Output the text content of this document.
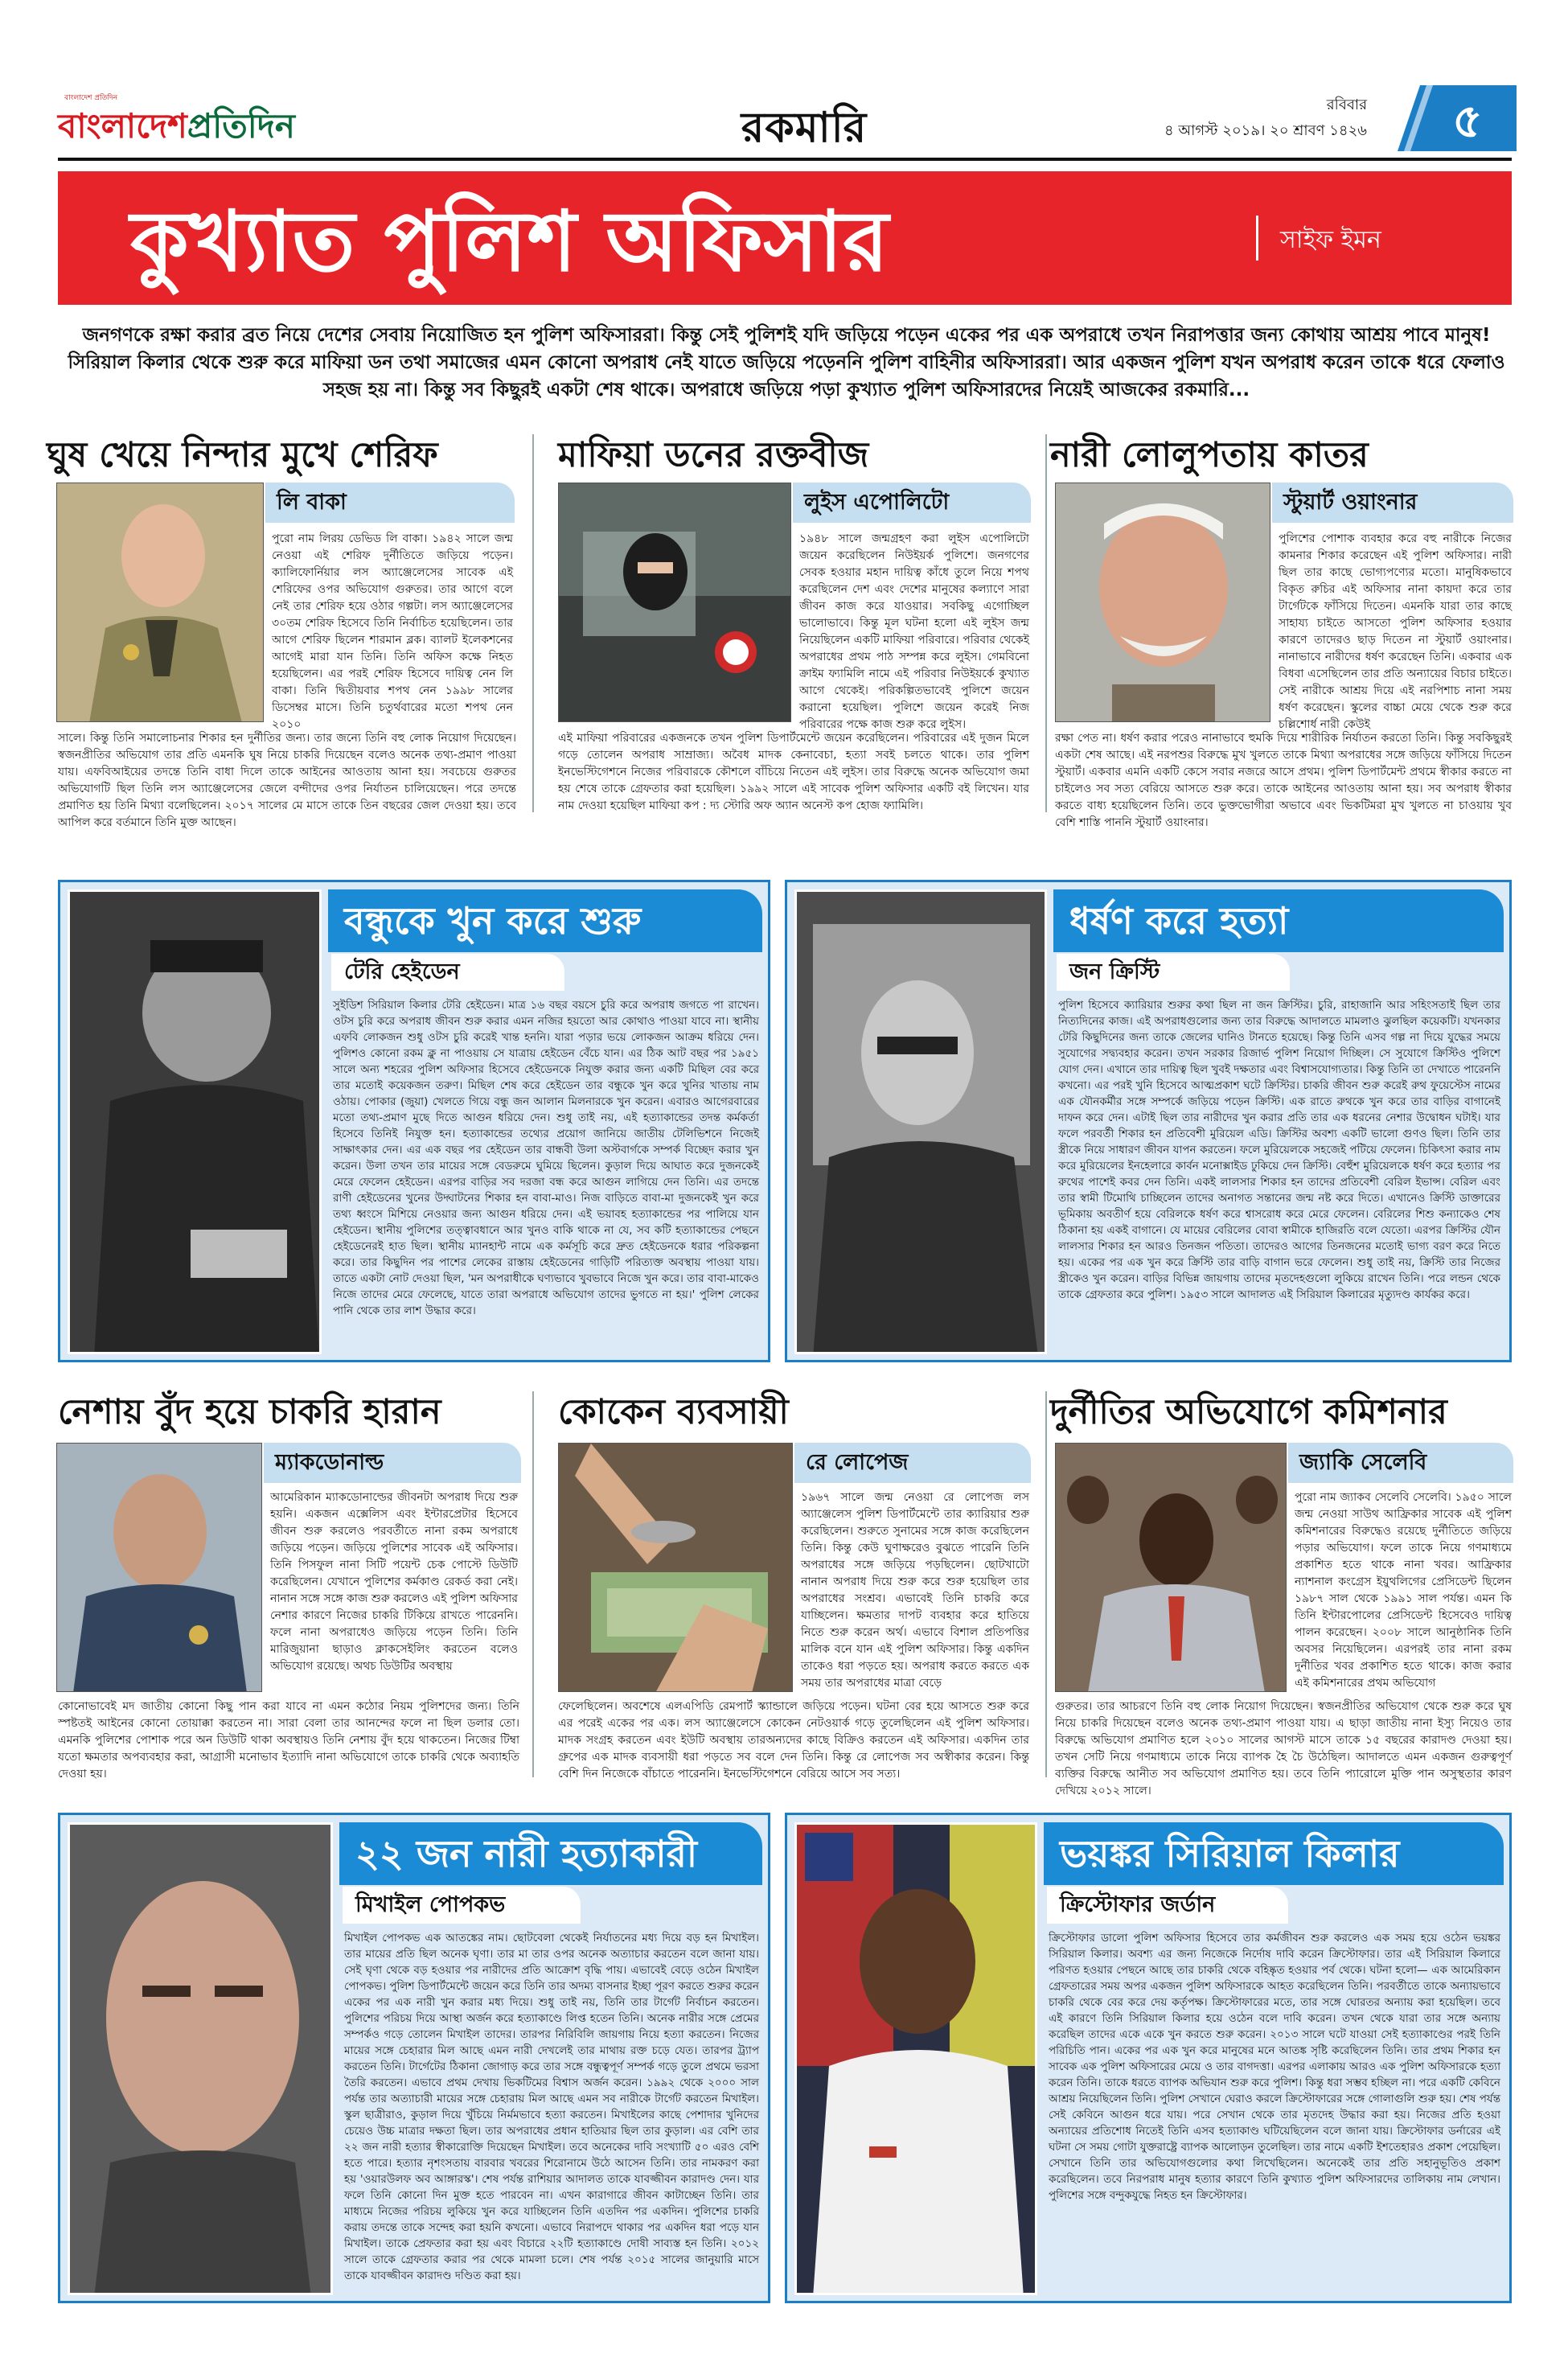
বাংলাদেশ প্রতিদিন
বাংলাদেশপ্রতিদিন	রকমারি	রবিবার
৪ আগস্ট ২০১৯। ২০ শ্রাবণ ১৪২৬	৫
কুখ্যাত পুলিশ অফিসার	সাইফ ইমন
জনগণকে রক্ষা করার ব্রত নিয়ে দেশের সেবায় নিয়োজিত হন পুলিশ অফিসাররা। কিন্তু সেই পুলিশই যদি জড়িয়ে পড়েন একের পর এক অপরাধে তখন নিরাপত্তার জন্য কোথায় আশ্রয় পাবে মানুষ! সিরিয়াল কিলার থেকে শুরু করে মাফিয়া ডন তথা সমাজের এমন কোনো অপরাধ নেই যাতে জড়িয়ে পড়েননি পুলিশ বাহিনীর অফিসাররা। আর একজন পুলিশ যখন অপরাধ করেন তাকে ধরে ফেলাও সহজ হয় না। কিন্তু সব কিছুরই একটা শেষ থাকে। অপরাধে জড়িয়ে পড়া কুখ্যাত পুলিশ অফিসারদের নিয়েই আজকের রকমারি...
ঘুষ খেয়ে নিন্দার মুখে শেরিফ
লি বাকা
পুরো নাম লিরয় ডেভিড লি বাকা। ১৯৪২ সালে জন্ম নেওয়া এই শেরিফ দুর্নীতিতে জড়িয়ে পড়েন। ক্যালিফোর্নিয়ার লস অ্যাঞ্জেলেসের সাবেক এই শেরিফের ওপর অভিযোগ গুরুতর। তার আগে বলে নেই তার শেরিফ হয়ে ওঠার গল্পটা। লস অ্যাঞ্জেলেসের ৩০তম শেরিফ হিসেবে তিনি নির্বাচিত হয়েছিলেন। তার আগে শেরিফ ছিলেন শারমান ব্লক। ব্যালট ইলেকশনের আগেই মারা যান তিনি। তিনি অফিস কক্ষে নিহত হয়েছিলেন। এর পরই শেরিফ হিসেবে দায়িত্ব নেন লি বাকা। তিনি দ্বিতীয়বার শপথ নেন ১৯৯৮ সালের ডিসেম্বর মাসে। তিনি চতুর্থবারের মতো শপথ নেন ২০১০
সালে। কিন্তু তিনি সমালোচনার শিকার হন দুর্নীতির জন্য। তার জন্যে তিনি বহু লোক নিয়োগ দিয়েছেন। স্বজনপ্রীতির অভিযোগ তার প্রতি এমনকি ঘুষ নিয়ে চাকরি দিয়েছেন বলেও অনেক তথ্য-প্রমাণ পাওয়া যায়। এফবিআইয়ের তদন্তে তিনি বাধা দিলে তাকে আইনের আওতায় আনা হয়। সবচেয়ে গুরুতর অভিযোগটি ছিল তিনি লস অ্যাঞ্জেলেসের জেলে বন্দীদের ওপর নির্যাতন চালিয়েছেন। পরে তদন্তে প্রমাণিত হয় তিনি মিথ্যা বলেছিলেন। ২০১৭ সালের মে মাসে তাকে তিন বছরের জেল দেওয়া হয়। তবে আপিল করে বর্তমানে তিনি মুক্ত আছেন।
মাফিয়া ডনের রক্তবীজ
লুইস এপোলিটো
১৯৪৮ সালে জন্মগ্রহণ করা লুইস এপোলিটো জয়েন করেছিলেন নিউইয়র্ক পুলিশে। জনগণের সেবক হওয়ার মহান দায়িত্ব কাঁধে তুলে নিয়ে শপথ করেছিলেন দেশ এবং দেশের মানুষের কল্যাণে সারা জীবন কাজ করে যাওয়ার। সবকিছু এগোচ্ছিল ভালোভাবে। কিন্তু মূল ঘটনা হলো এই লুইস জন্ম নিয়েছিলেন একটি মাফিয়া পরিবারে। পরিবার থেকেই অপরাধের প্রথম পাঠ সম্পন্ন করে লুইস। গেমবিনো ক্রাইম ফ্যামিলি নামে এই পরিবার নিউইয়র্কে কুখ্যাত আগে থেকেই। পরিকল্পিতভাবেই পুলিশে জয়েন করানো হয়েছিল। পুলিশে জয়েন করেই নিজ পরিবারের পক্ষে কাজ শুরু করে লুইস।
এই মাফিয়া পরিবারের একজনকে তখন পুলিশ ডিপার্টমেন্টে জয়েন করেছিলেন। পরিবারের এই দুজন মিলে গড়ে তোলেন অপরাধ সাম্রাজ্য। অবৈধ মাদক কেনাবেচা, হত্যা সবই চলতে থাকে। তার পুলিশ ইনভেস্টিগেশনে নিজের পরিবারকে কৌশলে বাঁচিয়ে নিতেন এই লুইস। তার বিরুদ্ধে অনেক অভিযোগ জমা হয় শেষে তাকে গ্রেফতার করা হয়েছিল। ১৯৯২ সালে এই সাবেক পুলিশ অফিসার একটি বই লিখেন। যার নাম দেওয়া হয়েছিল মাফিয়া কপ : দ্য স্টোরি অফ অ্যান অনেস্ট কপ হোজ ফ্যামিলি।
নারী লোলুপতায় কাতর
স্টুয়ার্ট ওয়াংনার
পুলিশের পোশাক ব্যবহার করে বহু নারীকে নিজের কামনার শিকার করেছেন এই পুলিশ অফিসার। নারী ছিল তার কাছে ভোগ্যপণ্যের মতো। মানুষিকভাবে বিকৃত রুচির এই অফিসার নানা কায়দা করে তার টার্গেটকে ফাঁসিয়ে দিতেন। এমনকি যারা তার কাছে সাহায্য চাইতে আসতো পুলিশ অফিসার হওয়ার কারণে তাদেরও ছাড় দিতেন না স্টুয়ার্ট ওয়াংনার। নানাভাবে নারীদের ধর্ষণ করেছেন তিনি। একবার এক বিধবা এসেছিলেন তার প্রতি অন্যায়ের বিচার চাইতে। সেই নারীকে আশ্রয় দিয়ে এই নরপিশাচ নানা সময় ধর্ষণ করেছেন। স্কুলের বাচ্চা মেয়ে থেকে শুরু করে চল্লিশোর্ধ নারী কেউই
রক্ষা পেত না। ধর্ষণ করার পরেও নানাভাবে হুমকি দিয়ে শারীরিক নির্যাতন করতো তিনি। কিন্তু সবকিছুরই একটা শেষ আছে। এই নরপশুর বিরুদ্ধে মুখ খুলতে তাকে মিথ্যা অপরাধের সঙ্গে জড়িয়ে ফাঁসিয়ে দিতেন স্টুয়ার্ট। একবার এমনি একটি কেসে সবার নজরে আসে প্রথম। পুলিশ ডিপার্টমেন্ট প্রথমে স্বীকার করতে না চাইলেও সব সত্য বেরিয়ে আসতে শুরু করে। তাকে আইনের আওতায় আনা হয়। সব অপরাধ স্বীকার করতে বাধ্য হয়েছিলেন তিনি। তবে ভুক্তভোগীরা অভাবে এবং ভিকটিমরা মুখ খুলতে না চাওয়ায় খুব বেশি শাস্তি পাননি স্টুয়ার্ট ওয়াংনার।
বন্ধুকে খুন করে শুরু
টেরি হেইডেন
সুইডিশ সিরিয়াল কিলার টেরি হেইডেন। মাত্র ১৬ বছর বয়সে চুরি করে অপরাধ জগতে পা রাখেন। ওটস চুরি করে অপরাধ জীবন শুরু করার এমন নজির হয়তো আর কোথাও পাওয়া যাবে না। স্থানীয় এফবি লোকজন শুধু ওটস চুরি করেই খান্ত হননি। যারা পড়ার ভয়ে লোকজন আক্রম ধরিয়ে দেন। পুলিশও কোনো রকম ক্লু না পাওয়ায় সে যাত্রায় হেইডেন বেঁচে যান। এর ঠিক আট বছর পর ১৯৫১ সালে অন্য শহরের পুলিশ অফিসার হিসেবে হেইডেনকে নিযুক্ত করার জন্য একটি মিছিল বের করে তার মতোই কয়েকজন তরুণ। মিছিল শেষ করে হেইডেন তার বন্ধুকে খুন করে খুনির খাতায় নাম ওঠায়। পোকার (জুয়া) খেলতে গিয়ে বন্ধু জন আলান মিলনারকে খুন করেন। এবারও আগেরবারের মতো তথ্য-প্রমাণ মুছে দিতে আগুন ধরিয়ে দেন। শুধু তাই নয়, এই হত্যাকান্ডের তদন্ত কর্মকর্তা হিসেবে তিনিই নিযুক্ত হন। হত্যাকান্ডের তথ্যের প্রয়োগ জানিয়ে জাতীয় টেলিভিশনে নিজেই সাক্ষাৎকার দেন। এর এক বছর পর হেইডেন তার বান্ধবী উলা অস্টবার্গকে সম্পর্ক বিচ্ছেদ করার খুন করেন। উলা তখন তার মায়ের সঙ্গে বেডরুমে ঘুমিয়ে ছিলেন। কুড়াল দিয়ে আঘাত করে দুজনকেই মেরে ফেলেন হেইডেন। এরপর বাড়ির সব দরজা বন্ধ করে আগুন লাগিয়ে দেন তিনি। এর তদন্তে রাণী হেইডেনের খুনের উদ্ঘাটনের শিকার হন বাবা-মাও। নিজ বাড়িতে বাবা-মা দুজনকেই খুন করে তথ্য ধ্বংসে মিশিয়ে নেওয়ার জন্য আগুন ধরিয়ে দেন। এই ভয়াবহ হত্যাকান্ডের পর পালিয়ে যান হেইডেন। স্থানীয় পুলিশের তত্ত্বাবধানে আর খুনও বাকি থাকে না যে, সব কটি হত্যাকান্ডের পেছনে হেইডেনেরই হাত ছিল। স্থানীয় ম্যানহান্ট নামে এক কর্মসূচি করে দ্রুত হেইডেনকে ধরার পরিকল্পনা করে। তার কিছুদিন পর পাশের লেকের রাস্তায় হেইডেনের গাড়িটি পরিত্যক্ত অবস্থায় পাওয়া যায়। তাতে একটা নোট দেওয়া ছিল, 'মন অপরাধীকে ঘণ্যভাবে খুবভাবে নিজে খুন করে। তার বাবা-মাকেও নিজে তাদের মেরে ফেলেছে, যাতে তারা অপরাধে অভিযোগ তাদের ভুগতে না হয়।' পুলিশ লেকের পানি থেকে তার লাশ উদ্ধার করে।
ধর্ষণ করে হত্যা
জন ক্রিস্টি
পুলিশ হিসেবে ক্যারিয়ার শুরুর কথা ছিল না জন ক্রিস্টির। চুরি, রাহাজানি আর সহিংসতাই ছিল তার নিত্যদিনের কাজ। এই অপরাধগুলোর জন্য তার বিরুদ্ধে আদালতে মামলাও ঝুলছিল কয়েকটি। যখনকার টেরি কিছুদিনের জন্য তাকে জেলের ঘানিও টানতে হয়েছে। কিন্তু তিনি এসব গল্প না দিয়ে যুদ্ধের সময়ে সুযোগের সদ্ব্যবহার করেন। তখন সরকার রিজার্ভ পুলিশ নিয়োগ দিচ্ছিল। সে সুযোগে ক্রিস্টিও পুলিশে যোগ দেন। এখানে তার দায়িত্ব ছিল খুবই দক্ষতার এবং বিশ্বাসযোগ্যতার। কিন্তু তিনি তা দেখাতে পারেননি কখনো। এর পরই খুনি হিসেবে আত্মপ্রকাশ ঘটে ক্রিস্টির। চাকরি জীবন শুরু করেই রুথ ফুয়েস্টেস নামের এক যৌনকর্মীর সঙ্গে সম্পর্কে জড়িয়ে পড়েন ক্রিস্টি। এক রাতে রুথকে খুন করে তার বাড়ির বাগানেই দাফন করে দেন। এটাই ছিল তার নারীদের খুন করার প্রতি তার এক ধরনের নেশার উদ্বোধন ঘটাই। যার ফলে পরবর্তী শিকার হন প্রতিবেশী মুরিয়েল এডি। ক্রিস্টির অবশ্য একটি ভালো গুণও ছিল। তিনি তার স্ত্রীকে নিয়ে সাধারণ জীবন যাপন করতেন। ফলে মুরিয়েলকে সহজেই পটিয়ে ফেলেন। চিকিৎসা করার নাম করে মুরিয়েলের ইনহেলারে কার্বন মনোক্সাইড ঢুকিয়ে দেন ক্রিস্টি। বেহুঁশ মুরিয়েলকে ধর্ষণ করে হত্যার পর রুথের পাশেই কবর দেন তিনি। একই লালসার শিকার হন তাদের প্রতিবেশী বেরিল ইভান্স। বেরিল এবং তার স্বামী টিমোথি চাচ্ছিলেন তাদের অনাগত সন্তানের জন্ম নষ্ট করে দিতে। এখানেও ক্রিস্টি ডাক্তারের ভূমিকায় অবতীর্ণ হয়ে বেরিলকে ধর্ষণ করে শ্বাসরোধ করে মেরে ফেলেন। বেরিলের শিশু কন্যাকেও শেষ ঠিকানা হয় একই বাগানে। যে মায়ের বেরিলের বোবা স্বামীকে হাজিরতি বলে যেতো। এরপর ক্রিস্টির যৌন লালসার শিকার হন আরও তিনজন পতিতা। তাদেরও আগের তিনজনের মতোই ভাগ্য বরণ করে নিতে হয়। একের পর এক খুন করে ক্রিস্টি তার বাড়ি বাগান ভরে ফেলেন। শুধু তাই নয়, ক্রিস্টি তার নিজের স্ত্রীকেও খুন করেন। বাড়ির বিভিন্ন জায়গায় তাদের মৃতদেহগুলো লুকিয়ে রাখেন তিনি। পরে লন্ডন থেকে তাকে গ্রেফতার করে পুলিশ। ১৯৫৩ সালে আদালত এই সিরিয়াল কিলারের মৃত্যুদণ্ড কার্যকর করে।
নেশায় বুঁদ হয়ে চাকরি হারান
ম্যাকডোনাল্ড
আমেরিকান ম্যাকডোনাল্ডের জীবনটা অপরাধ দিয়ে শুরু হয়নি। একজন এক্সেলিস এবং ইন্টারপ্রেটার হিসেবে জীবন শুরু করলেও পরবর্তীতে নানা রকম অপরাধে জড়িয়ে পড়েন। জড়িয়ে পুলিশের সাবেক এই অফিসার। তিনি পিসফুল নানা সিটি পয়েন্ট চেক পোস্টে ডিউটি করেছিলেন। যেখানে পুলিশের কর্মকাণ্ড রেকর্ড করা নেই। নানান সঙ্গে সঙ্গে কাজ শুরু করলেও এই পুলিশ অফিসার নেশার কারণে নিজের চাকরি টিকিয়ে রাখতে পারেননি। ফলে নানা অপরাধেও জড়িয়ে পড়েন তিনি। তিনি মারিজুয়ানা ছাড়াও ক্লাকসেইলিং করতেন বলেও অভিযোগ রয়েছে। অথচ ডিউটির অবস্থায়
কোনোভাবেই মদ জাতীয় কোনো কিছু পান করা যাবে না এমন কঠোর নিয়ম পুলিশদের জন্য। তিনি স্পষ্টতই আইনের কোনো তোয়াক্কা করতেন না। সারা বেলা তার আনন্দের ফলে না ছিল ডলার তো। এমনকি পুলিশের পোশাক পরে অন ডিউটি থাকা অবস্থায়ও তিনি নেশায় বুঁদ হয়ে থাকতেন। নিজের টিম্বা যতো ক্ষমতার অপব্যবহার করা, আগ্রাসী মনোভাব ইত্যাদি নানা অভিযোগে তাকে চাকরি থেকে অব্যাহতি দেওয়া হয়।
কোকেন ব্যবসায়ী
রে লোপেজ
১৯৬৭ সালে জন্ম নেওয়া রে লোপেজ লস অ্যাঞ্জেলেস পুলিশ ডিপার্টমেন্টে তার ক্যারিয়ার শুরু করেছিলেন। শুরুতে সুনামের সঙ্গে কাজ করেছিলেন তিনি। কিন্তু কেউ ঘুণাক্ষরেও বুঝতে পারেনি তিনি অপরাধের সঙ্গে জড়িয়ে পড়ছিলেন। ছোটখাটো নানান অপরাধ দিয়ে শুরু করে শুরু হয়েছিল তার অপরাধের সংশ্রব। এভাবেই তিনি চাকরি করে যাচ্ছিলেন। ক্ষমতার দাপট ব্যবহার করে হাতিয়ে নিতে শুরু করেন অর্থ। এভাবে বিশাল প্রতিপত্তির মালিক বনে যান এই পুলিশ অফিসার। কিন্তু একদিন তাকেও ধরা পড়তে হয়। অপরাধ করতে করতে এক সময় তার অপরাধের মাত্রা বেড়ে
ফেলেছিলেন। অবশেষে এলএপিডি রেমপার্ট স্ক্যান্ডালে জড়িয়ে পড়েন। ঘটনা বের হয়ে আসতে শুরু করে এর পরেই একের পর এক। লস অ্যাঞ্জেলেসে কোকেন নেটওয়ার্ক গড়ে তুলেছিলেন এই পুলিশ অফিসার। মাদক সংগ্রহ করতেন এবং ইউটি অবস্থায় তারঅন্যদের কাছে বিক্রিও করতেন এই অফিসার। একদিন তার গ্রুপের এক মাদক ব্যবসায়ী ধরা পড়তে সব বলে দেন তিনি। কিন্তু রে লোপেজ সব অস্বীকার করেন। কিন্তু বেশি দিন নিজেকে বাঁচাতে পারেননি। ইনভেস্টিগেশনে বেরিয়ে আসে সব সত্য।
দুর্নীতির অভিযোগে কমিশনার
জ্যাকি সেলেবি
পুরো নাম জ্যাকব সেলেবি সেলেবি। ১৯৫০ সালে জন্ম নেওয়া সাউথ আফ্রিকার সাবেক এই পুলিশ কমিশনারের বিরুদ্ধেও রয়েছে দুর্নীতিতে জড়িয়ে পড়ার অভিযোগ। ফলে তাকে নিয়ে গণমাধ্যমে প্রকাশিত হতে থাকে নানা খবর। আফ্রিকার ন্যাশনাল কংগ্রেস ইয়ুথলিগের প্রেসিডেন্ট ছিলেন ১৯৮৭ সাল থেকে ১৯৯১ সাল পর্যন্ত। এমন কি তিনি ইন্টারপোলের প্রেসিডেন্ট হিসেবেও দায়িত্ব পালন করেছেন। ২০০৮ সালে আনুষ্ঠানিক তিনি অবসর নিয়েছিলেন। এরপরই তার নানা রকম দুর্নীতির খবর প্রকাশিত হতে থাকে। কাজ করার এই কমিশনারের প্রথম অভিযোগ
গুরুতর। তার আচরণে তিনি বহু লোক নিয়োগ দিয়েছেন। স্বজনপ্রীতির অভিযোগ থেকে শুরু করে ঘুষ নিয়ে চাকরি দিয়েছেন বলেও অনেক তথ্য-প্রমাণ পাওয়া যায়। এ ছাড়া জাতীয় নানা ইস্যু নিয়েও তার বিরুদ্ধে অভিযোগ প্রমাণিত হলে ২০১০ সালের আগস্ট মাসে তাকে ১৫ বছরের কারাদণ্ড দেওয়া হয়। তখন সেটি নিয়ে গণমাধ্যমে তাকে নিয়ে ব্যাপক হৈ চৈ উঠেছিল। আদালতে এমন একজন গুরুত্বপূর্ণ ব্যক্তির বিরুদ্ধে আনীত সব অভিযোগ প্রমাণিত হয়। তবে তিনি প্যারোলে মুক্তি পান অসুস্থতার কারণ দেখিয়ে ২০১২ সালে।
২২ জন নারী হত্যাকারী
মিখাইল পোপকভ
মিখাইল পোপকভ এক আতঙ্কের নাম। ছোটবেলা থেকেই নির্যাতনের মধ্য দিয়ে বড় হন মিখাইল। তার মায়ের প্রতি ছিল অনেক ঘৃণা। তার মা তার ওপর অনেক অত্যাচার করতেন বলে জানা যায়। সেই ঘৃণা থেকে বড় হওয়ার পর নারীদের প্রতি আক্রোশ বৃদ্ধি পায়। এভাবেই বেড়ে ওঠেন মিখাইল পোপকভ। পুলিশ ডিপার্টমেন্টে জয়েন করে তিনি তার অদম্য বাসনার ইচ্ছা পূরণ করতে শুরুর করেন একের পর এক নারী খুন করার মধ্য দিয়ে। শুধু তাই নয়, তিনি তার টার্গেট নির্বাচন করতেন। পুলিশের পরিচয় দিয়ে আস্থা অর্জন করে হত্যাকাণ্ডে লিপ্ত হতেন তিনি। অনেক নারীর সঙ্গে প্রেমের সম্পর্কও গড়ে তোলেন মিখাইল তাদের। তারপর নিরিবিলি জায়গায় নিয়ে হত্যা করতেন। নিজের মায়ের সঙ্গে চেহারার মিল আছে এমন নারী দেখলেই তার মাথায় রক্ত চড়ে যেত। তারপর ট্র্যাপ করতেন তিনি। টার্গেটের ঠিকানা জোগাড় করে তার সঙ্গে বন্ধুত্বপূর্ণ সম্পর্ক গড়ে তুলে প্রথমে ভরসা তৈরি করতেন। এভাবে প্রথম দেখায় ভিকটিমের বিশ্বাস অর্জন করেন। ১৯৯২ থেকে ২০০০ সাল পর্যন্ত তার অত্যাচারী মায়ের সঙ্গে চেহারায় মিল আছে এমন সব নারীকে টার্গেট করতেন মিখাইল। স্কুল ছাত্রীরাও, কুড়াল দিয়ে খুঁচিয়ে নির্মমভাবে হত্যা করতেন। মিখাইলের কাছে পেশাদার খুনিদের চেয়েও উচ্চ মাত্রার দক্ষতা ছিল। তার অপরাধের প্রধান হাতিয়ার ছিল তার কুড়াল। এর বেশি তার ২২ জন নারী হত্যার স্বীকারোক্তি দিয়েছেন মিখাইল। তবে অনেকের দাবি সংখ্যাটি ৫০ এরও বেশি হতে পারে। হত্যার নৃশংসতায় বারবার খবরের শিরোনামে উঠে আসেন তিনি। তার নামকরণ করা হয় 'ওয়ারউলফ অব আঙ্গারস্ক'। শেষ পর্যন্ত রাশিয়ার আদালত তাকে যাবজ্জীবন কারাদণ্ড দেন। যার ফলে তিনি কোনো দিন মুক্ত হতে পারবেন না। এখন কারাগারে জীবন কাটাচ্ছেন তিনি। তার মাধ্যমে নিজের পরিচয় লুকিয়ে খুন করে যাচ্ছিলেন তিনি এতদিন পর একদিন। পুলিশের চাকরি করায় তদন্তে তাকে সন্দেহ করা হয়নি কখনো। এভাবে নিরাপদে থাকার পর একদিন ধরা পড়ে যান মিখাইল। তাকে প্রেফতার করা হয় এবং বিচারে ২২টি হত্যাকাণ্ডে দোষী সাব্যস্ত হন তিনি। ২০১২ সালে তাকে গ্রেফতার করার পর থেকে মামলা চলে। শেষ পর্যন্ত ২০১৫ সালের জানুয়ারি মাসে তাকে যাবজ্জীবন কারাদণ্ড দণ্ডিত করা হয়।
ভয়ঙ্কর সিরিয়াল কিলার
ক্রিস্টোফার জর্ডান
ক্রিস্টোফার ডালো পুলিশ অফিসার হিসেবে তার কর্মজীবন শুরু করলেও এক সময় হয়ে ওঠেন ভয়ঙ্কর সিরিয়াল কিলার। অবশ্য এর জন্য নিজেকে নির্দোষ দাবি করেন ক্রিস্টোফার। তার এই সিরিয়াল কিলারে পরিণত হওয়ার পেছনে আছে তার চাকরি থেকে বহিষ্কৃত হওয়ার পর্ব থেকে। ঘটনা হলো— এক আমেরিকান গ্রেফতারের সময় অপর একজন পুলিশ অফিসারকে আহত করেছিলেন তিনি। পরবর্তীতে তাকে অন্যায়ভাবে চাকরি থেকে বের করে দেয় কর্তৃপক্ষ। ক্রিস্টোফারের মতে, তার সঙ্গে ঘোরতর অন্যায় করা হয়েছিল। তবে এই কারণে তিনি সিরিয়াল কিলার হয়ে ওঠেন বলে দাবি করেন। তখন থেকে যারা তার সঙ্গে অন্যায় করেছিল তাদের একে একে খুন করতে শুরু করেন। ২০১৩ সালে ঘটে যাওয়া সেই হত্যাকাণ্ডের পরই তিনি পরিচিতি পান। একের পর এক খুন করে মানুষের মনে আতঙ্ক সৃষ্টি করেছিলেন তিনি। তার প্রথম শিকার হন সাবেক এক পুলিশ অফিসারের মেয়ে ও তার বাগদত্তা। এরপর এলাকায় আরও এক পুলিশ অফিসারকে হত্যা করেন তিনি। তাকে ধরতে ব্যাপক অভিযান শুরু করে পুলিশ। কিন্তু ধরা সম্ভব হচ্ছিল না। পরে একটি কেবিনে আশ্রয় নিয়েছিলেন তিনি। পুলিশ সেখানে ঘেরাও করলে ক্রিস্টোফারের সঙ্গে গোলাগুলি শুরু হয়। শেষ পর্যন্ত সেই কেবিনে আগুন ধরে যায়। পরে সেখান থেকে তার মৃতদেহ উদ্ধার করা হয়। নিজের প্রতি হওয়া অন্যায়ের প্রতিশোধ নিতেই তিনি এসব হত্যাকাণ্ড ঘটিয়েছিলেন বলে জানা যায়। ক্রিস্টোফার ডর্নারের এই ঘটনা সে সময় গোটা যুক্তরাষ্ট্রে ব্যাপক আলোড়ন তুলেছিল। তার নামে একটি ইশতেহারও প্রকাশ পেয়েছিল। সেখানে তিনি তার অভিযোগগুলোর কথা লিখেছিলেন। অনেকেই তার প্রতি সহানুভূতিও প্রকাশ করেছিলেন। তবে নিরপরাধ মানুষ হত্যার কারণে তিনি কুখ্যাত পুলিশ অফিসারদের তালিকায় নাম লেখান। পুলিশের সঙ্গে বন্দুকযুদ্ধে নিহত হন ক্রিস্টোফার।
